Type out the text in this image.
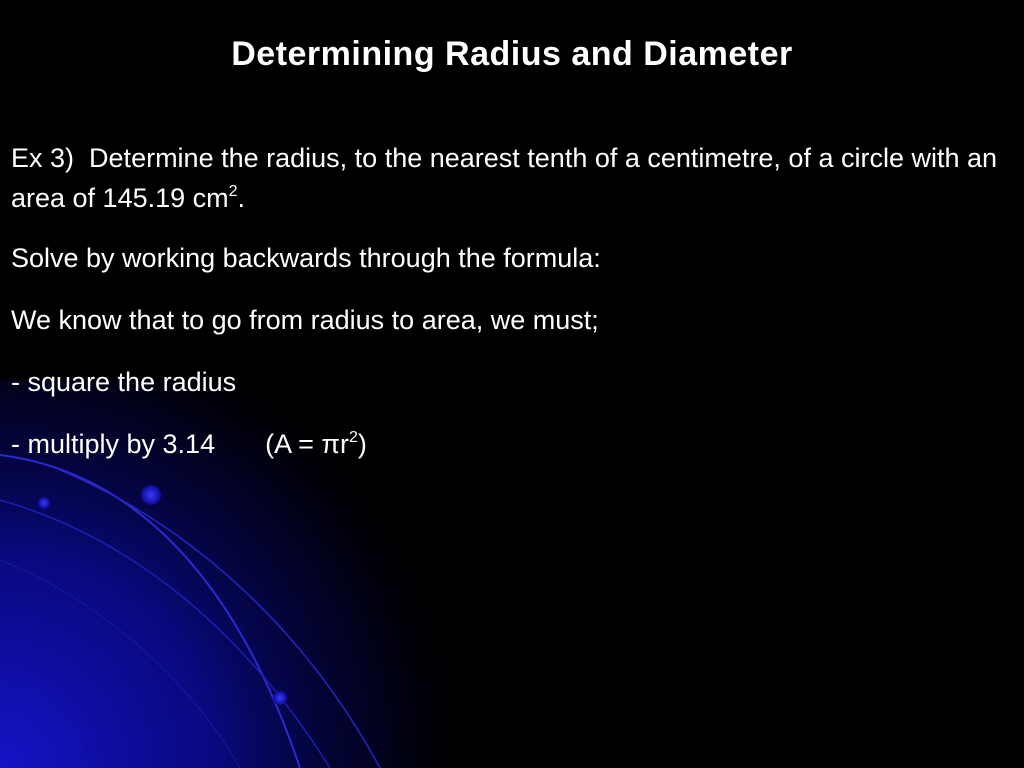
Determining Radius and Diameter

Ex 3) Determine the radius, to the nearest tenth of a centimetre, of a circle with an area of 145.19 $cm^2$.

Solve by working backwards through the formula:

We know that to go from radius to area, we must;

- square the radius

- multiply by 3.14 $(A = \pi r^2)$
